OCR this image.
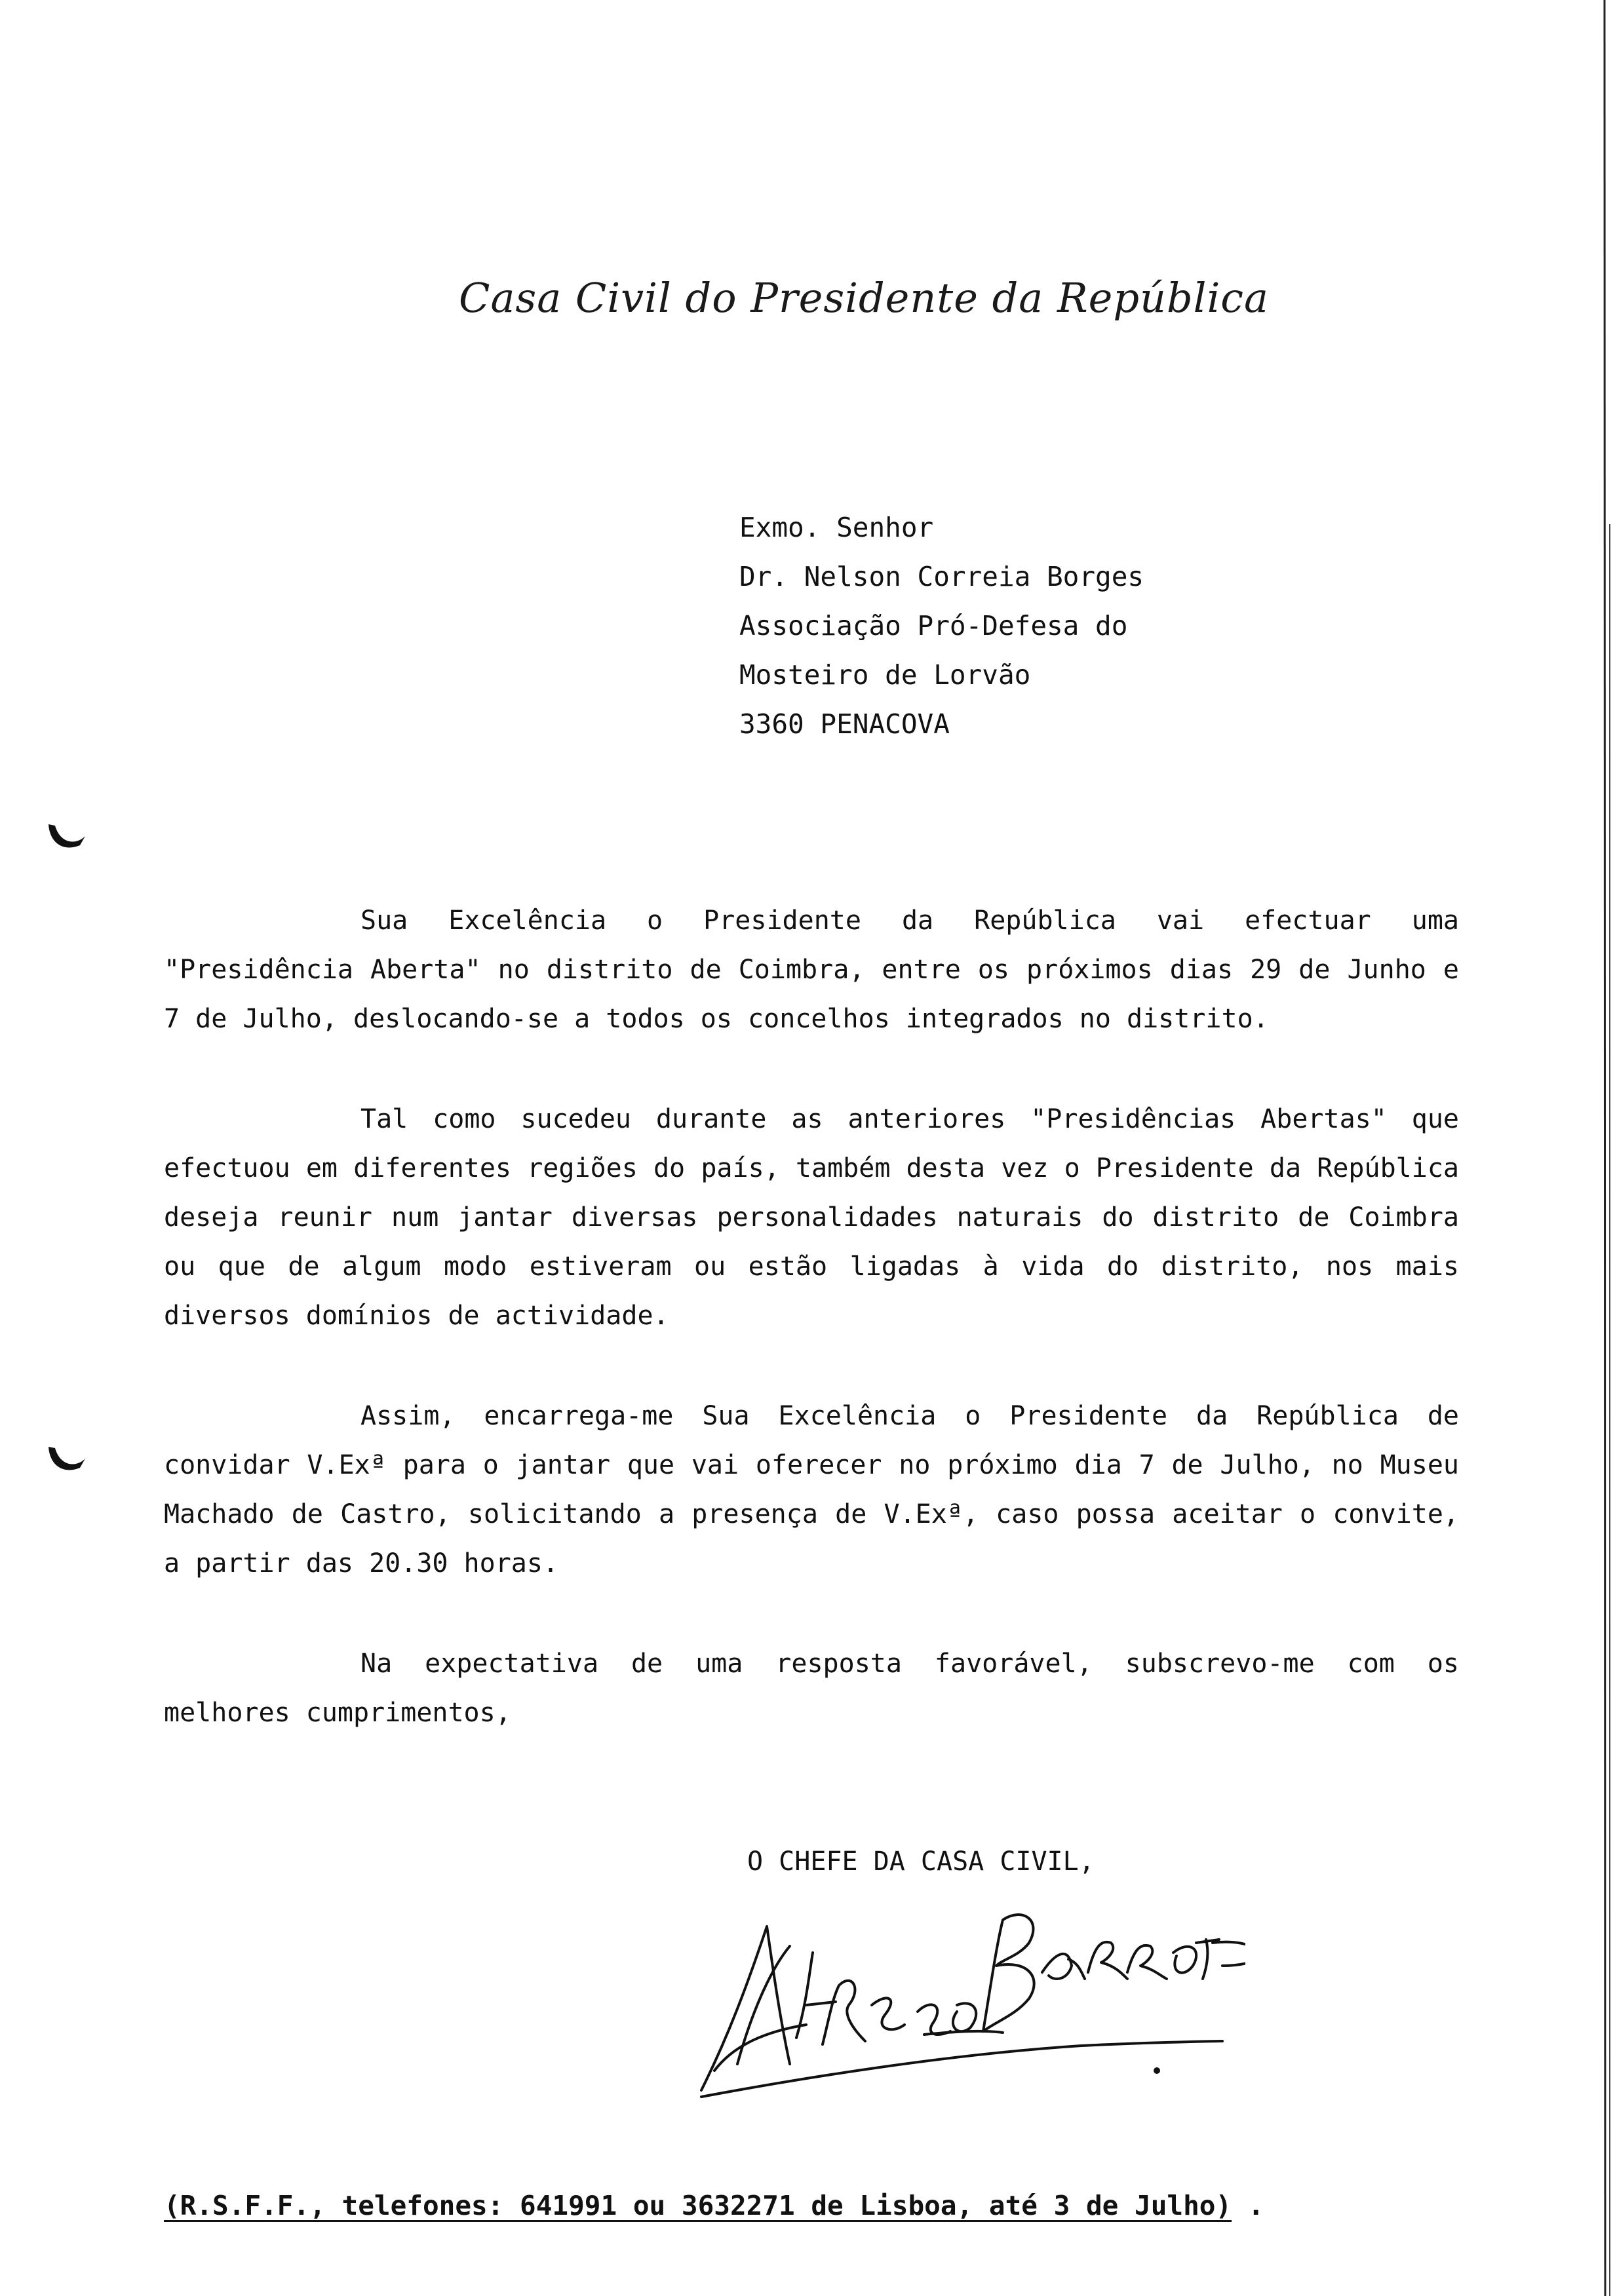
Casa Civil do Presidente da República
Exmo. Senhor
Dr. Nelson Correia Borges
Associação Pró-Defesa do
Mosteiro de Lorvão
3360 PENACOVA

Sua Excelência o Presidente da República vai efectuar uma "Presidência Aberta" no distrito de Coimbra, entre os próximos dias 29 de Junho e 7 de Julho, deslocando-se a todos os concelhos integrados no distrito.

Tal como sucedeu durante as anteriores "Presidências Abertas" que efectuou em diferentes regiões do país, também desta vez o Presidente da República deseja reunir num jantar diversas personalidades naturais do distrito de Coimbra ou que de algum modo estiveram ou estão ligadas à vida do distrito, nos mais diversos domínios de actividade.

Assim, encarrega-me Sua Excelência o Presidente da República de convidar V.Exª para o jantar que vai oferecer no próximo dia 7 de Julho, no Museu Machado de Castro, solicitando a presença de V.Exª, caso possa aceitar o convite, a partir das 20.30 horas.

Na expectativa de uma resposta favorável, subscrevo-me com os melhores cumprimentos,

O CHEFE DA CASA CIVIL,
Alfredo Barroso
(R.S.F.F., telefones: 641991 ou 3632271 de Lisboa, até 3 de Julho) .
